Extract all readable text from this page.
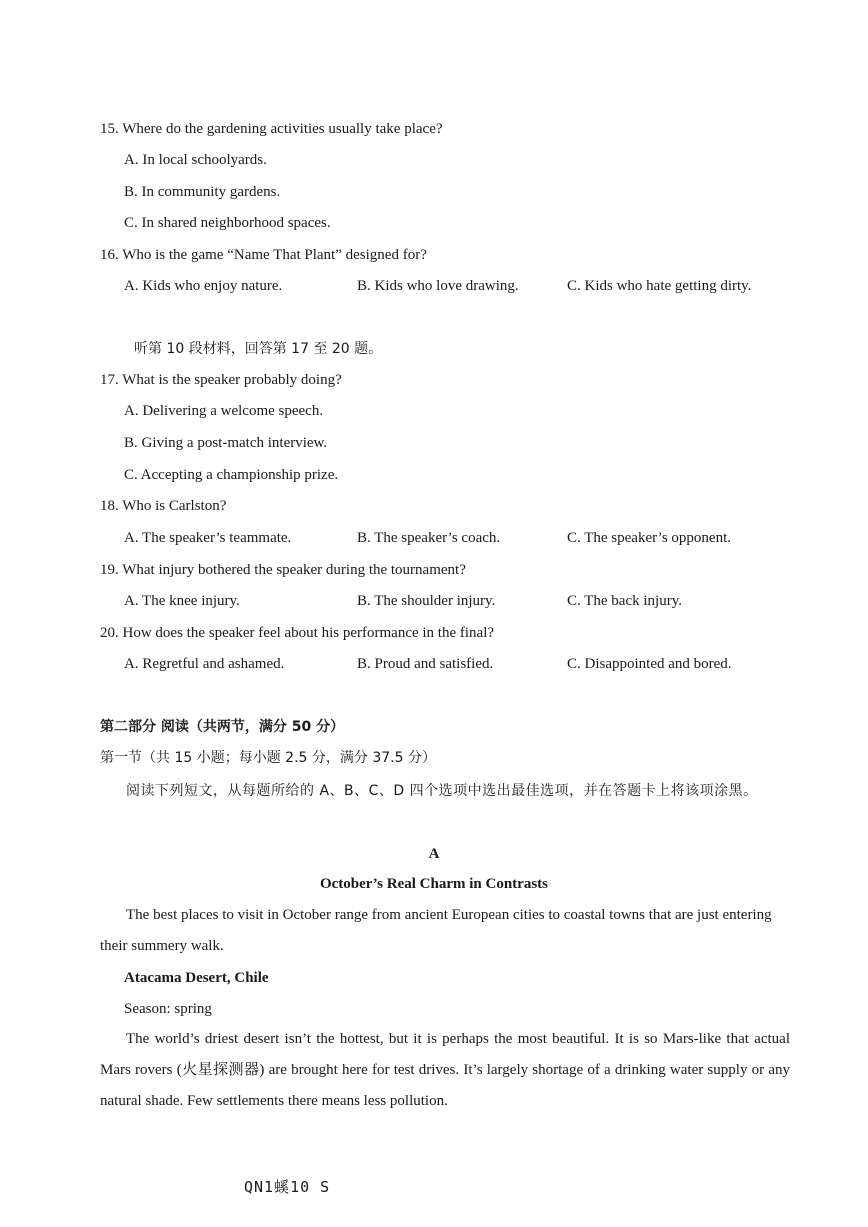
15. Where do the gardening activities usually take place?
A. In local schoolyards.
B. In community gardens.
C. In shared neighborhood spaces.
16. Who is the game “Name That Plant” designed for?
A. Kids who enjoy nature.	B. Kids who love drawing.	C. Kids who hate getting dirty.
听第 10 段材料，回答第 17 至 20 题。
17. What is the speaker probably doing?
A. Delivering a welcome speech.
B. Giving a post-match interview.
C. Accepting a championship prize.
18. Who is Carlston?
A. The speaker’s teammate.	B. The speaker’s coach.	C. The speaker’s opponent.
19. What injury bothered the speaker during the tournament?
A. The knee injury.	B. The shoulder injury.	C. The back injury.
20. How does the speaker feel about his performance in the final?
A. Regretful and ashamed.	B. Proud and satisfied.	C. Disappointed and bored.
第二部分 阅读（共两节，满分 50 分）
第一节（共 15 小题；每小题 2.5 分，满分 37.5 分）
阅读下列短文，从每题所给的 A、B、C、D 四个选项中选出最佳选项，并在答题卡上将该项涂黑。
A
October’s Real Charm in Contrasts
The best places to visit in October range from ancient European cities to coastal towns that are just entering their summery walk.
Atacama Desert, Chile
Season: spring
The world’s driest desert isn’t the hottest, but it is perhaps the most beautiful. It is so Mars-like that actual Mars rovers (火星探测器) are brought here for test drives. It’s largely shortage of a drinking water supply or any natural shade. Few settlements there means less pollution.
QN1螇10 S
